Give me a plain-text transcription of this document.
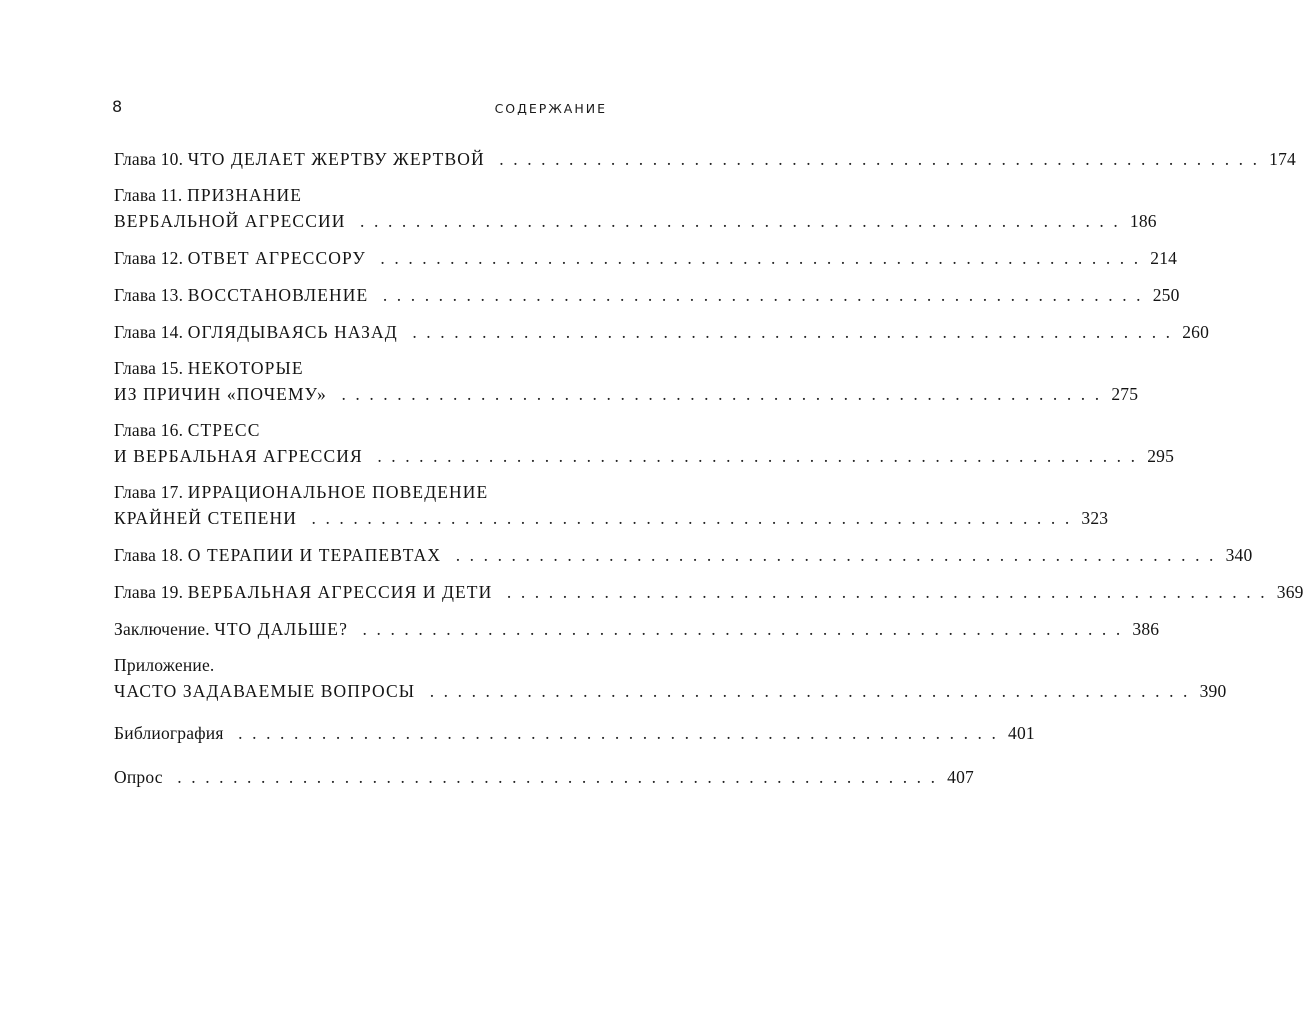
8	СОДЕРЖАНИЕ
Глава 10. ЧТО ДЕЛАЕТ ЖЕРТВУ ЖЕРТВОЙ . . . . . . . . . . . . . . . . . . . . . . . . . . . . . . . . . . . . . . . . . . . . . . . . . . . . . . . 174
Глава 11. ПРИЗНАНИЕ
ВЕРБАЛЬНОЙ АГРЕССИИ . . . . . . . . . . . . . . . . . . . . . . . . . . . . . . . . . . . . . . . . . . . . . . . . . . . . . . . 186
Глава 12. ОТВЕТ АГРЕССОРУ . . . . . . . . . . . . . . . . . . . . . . . . . . . . . . . . . . . . . . . . . . . . . . . . . . . . . . . 214
Глава 13. ВОССТАНОВЛЕНИЕ . . . . . . . . . . . . . . . . . . . . . . . . . . . . . . . . . . . . . . . . . . . . . . . . . . . . . . . 250
Глава 14. ОГЛЯДЫВАЯСЬ НАЗАД . . . . . . . . . . . . . . . . . . . . . . . . . . . . . . . . . . . . . . . . . . . . . . . . . . . . . . . 260
Глава 15. НЕКОТОРЫЕ
ИЗ ПРИЧИН «ПОЧЕМУ» . . . . . . . . . . . . . . . . . . . . . . . . . . . . . . . . . . . . . . . . . . . . . . . . . . . . . . . 275
Глава 16. СТРЕСС
И ВЕРБАЛЬНАЯ АГРЕССИЯ . . . . . . . . . . . . . . . . . . . . . . . . . . . . . . . . . . . . . . . . . . . . . . . . . . . . . . . 295
Глава 17. ИРРАЦИОНАЛЬНОЕ ПОВЕДЕНИЕ
КРАЙНЕЙ СТЕПЕНИ . . . . . . . . . . . . . . . . . . . . . . . . . . . . . . . . . . . . . . . . . . . . . . . . . . . . . . . 323
Глава 18. О ТЕРАПИИ И ТЕРАПЕВТАХ . . . . . . . . . . . . . . . . . . . . . . . . . . . . . . . . . . . . . . . . . . . . . . . . . . . . . . . 340
Глава 19. ВЕРБАЛЬНАЯ АГРЕССИЯ И ДЕТИ . . . . . . . . . . . . . . . . . . . . . . . . . . . . . . . . . . . . . . . . . . . . . . . . . . . . . . . 369
Заключение. ЧТО ДАЛЬШЕ? . . . . . . . . . . . . . . . . . . . . . . . . . . . . . . . . . . . . . . . . . . . . . . . . . . . . . . . 386
Приложение.
ЧАСТО ЗАДАВАЕМЫЕ ВОПРОСЫ . . . . . . . . . . . . . . . . . . . . . . . . . . . . . . . . . . . . . . . . . . . . . . . . . . . . . . . 390
Библиография . . . . . . . . . . . . . . . . . . . . . . . . . . . . . . . . . . . . . . . . . . . . . . . . . . . . . . . 401
Опрос . . . . . . . . . . . . . . . . . . . . . . . . . . . . . . . . . . . . . . . . . . . . . . . . . . . . . . . 407
